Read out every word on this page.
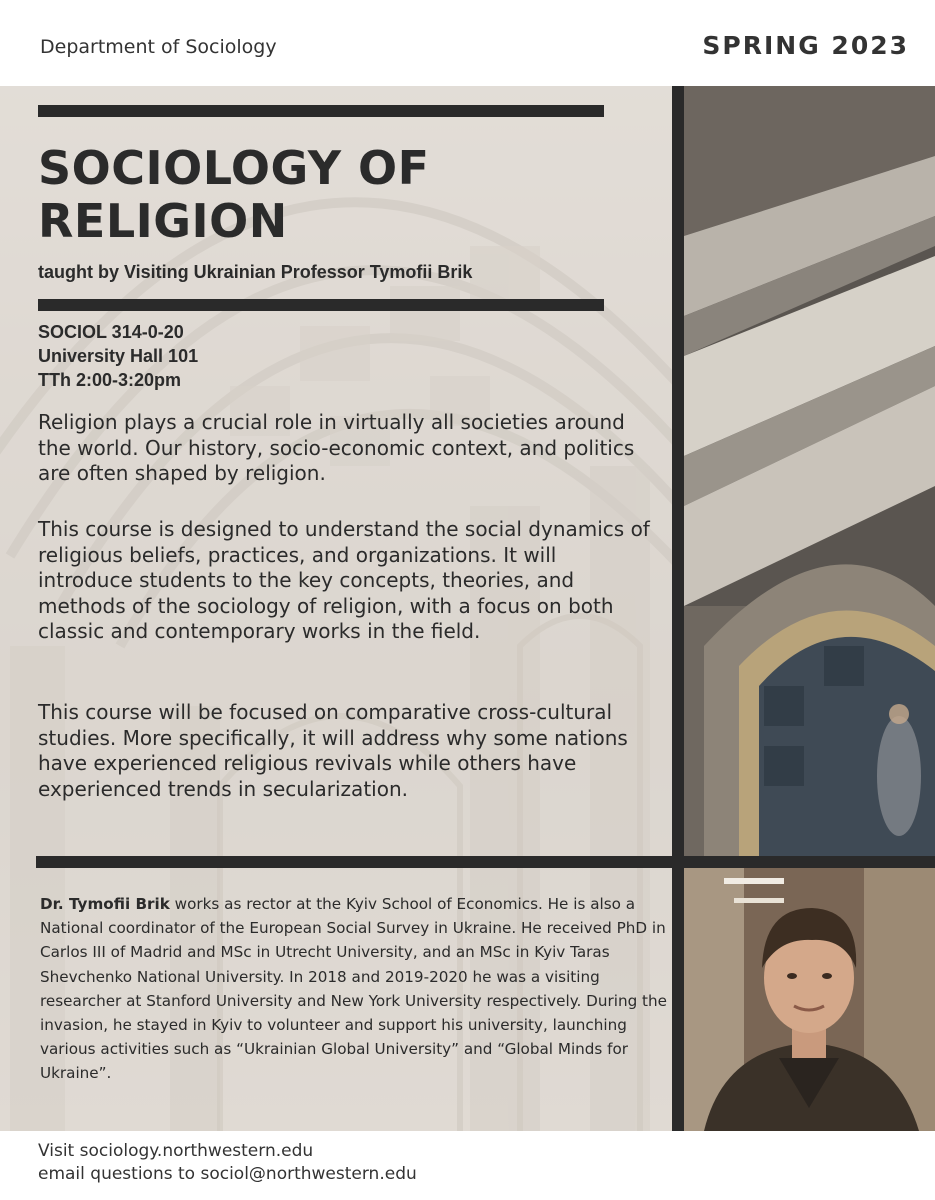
Department of Sociology	SPRING 2023
SOCIOLOGY OF RELIGION
taught by Visiting Ukrainian Professor Tymofii Brik
SOCIOL 314-0-20
University Hall 101
TTh 2:00-3:20pm

Religion plays a crucial role in virtually all societies around the world. Our history, socio-economic context, and politics are often shaped by religion.

This course is designed to understand the social dynamics of religious beliefs, practices, and organizations. It will introduce students to the key concepts, theories, and methods of the sociology of religion, with a focus on both classic and contemporary works in the field.

This course will be focused on comparative cross-cultural studies. More specifically, it will address why some nations have experienced religious revivals while others have experienced trends in secularization.

Dr. Tymofii Brik works as rector at the Kyiv School of Economics. He is also a National coordinator of the European Social Survey in Ukraine. He received PhD in Carlos III of Madrid and MSc in Utrecht University, and an MSc in Kyiv Taras Shevchenko National University. In 2018 and 2019-2020 he was a visiting researcher at Stanford University and New York University respectively. During the invasion, he stayed in Kyiv to volunteer and support his university, launching various activities such as “Ukrainian Global University” and “Global Minds for Ukraine”.

Visit sociology.northwestern.edu
email questions to sociol@northwestern.edu
